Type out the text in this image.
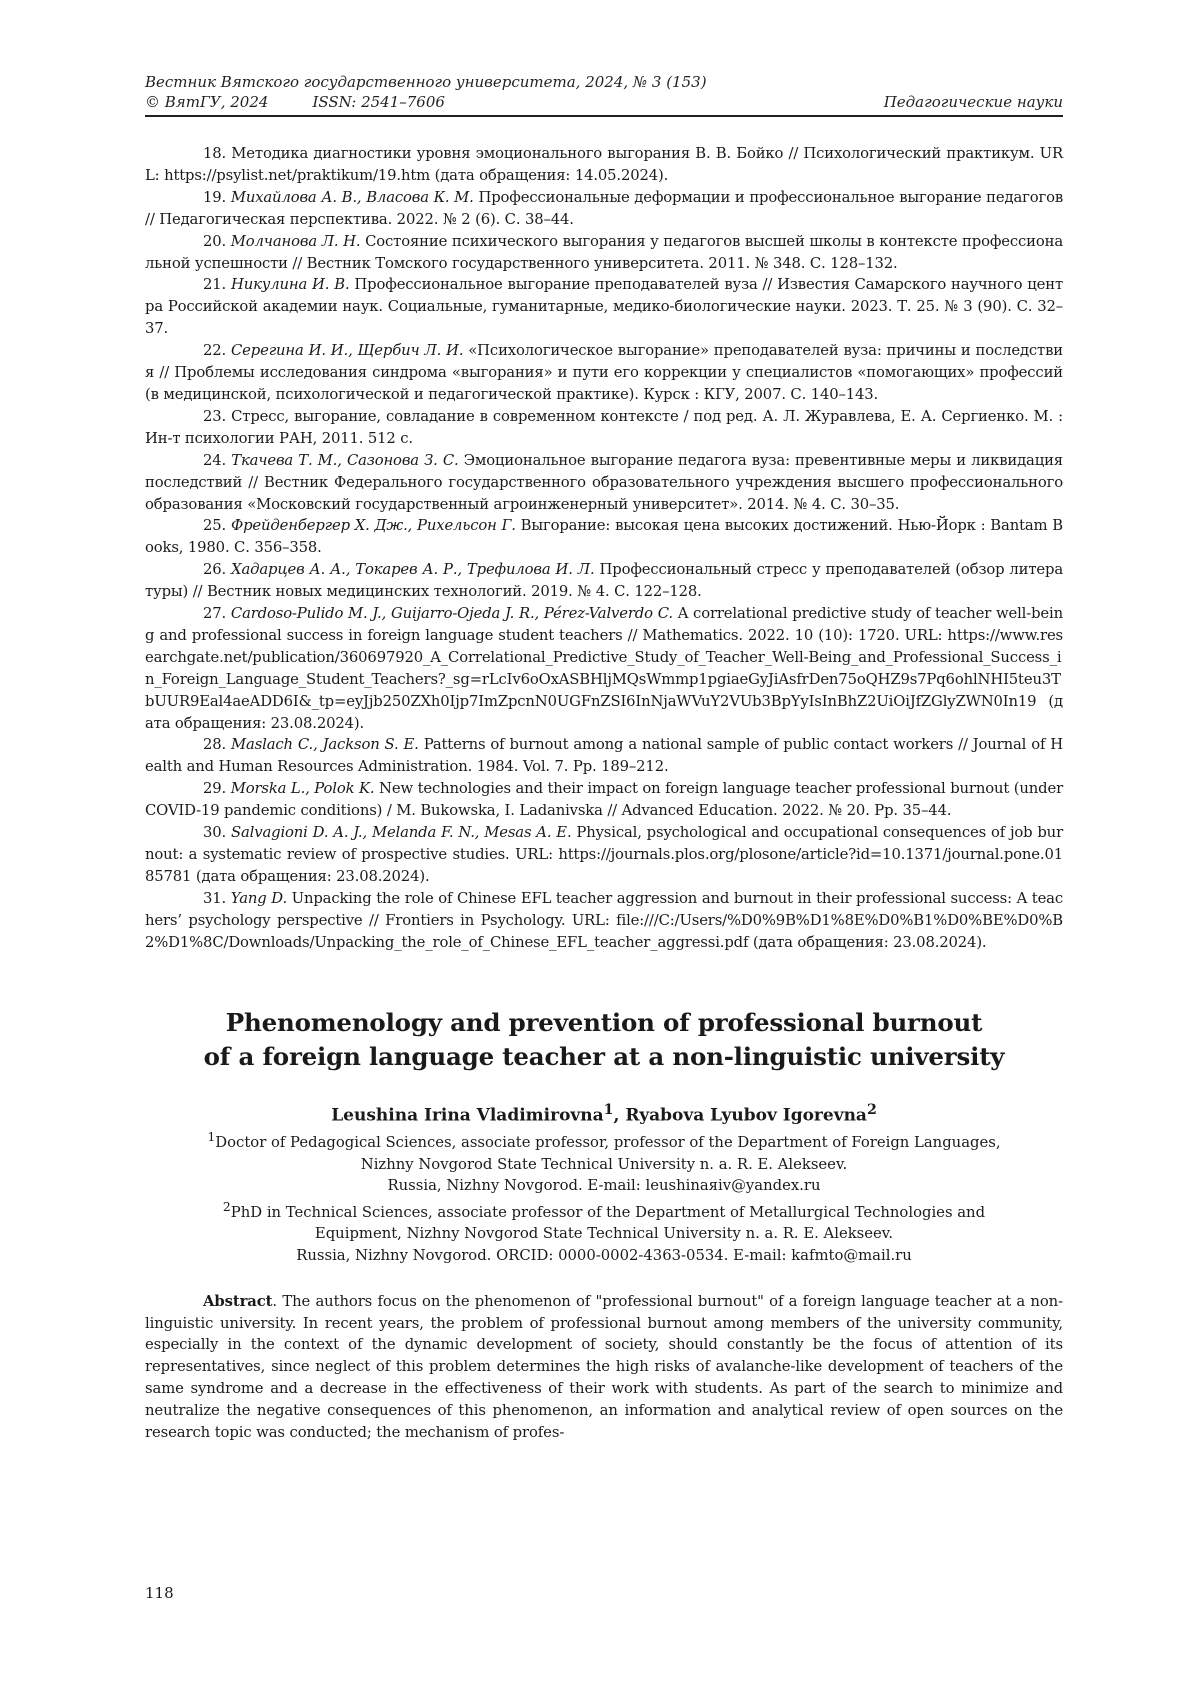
Вестник Вятского государственного университета, 2024, № 3 (153)
© ВятГУ, 2024	ISSN: 2541–7606	Педагогические науки

18. Методика диагностики уровня эмоционального выгорания В. В. Бойко // Психологический практикум. URL: https://psylist.net/praktikum/19.htm (дата обращения: 14.05.2024).

19. Михайлова А. В., Власова К. М. Профессиональные деформации и профессиональное выгорание педагогов // Педагогическая перспектива. 2022. № 2 (6). С. 38–44.

20. Молчанова Л. Н. Состояние психического выгорания у педагогов высшей школы в контексте профессиональной успешности // Вестник Томского государственного университета. 2011. № 348. С. 128–132.

21. Никулина И. В. Профессиональное выгорание преподавателей вуза // Известия Самарского научного центра Российской академии наук. Социальные, гуманитарные, медико-биологические науки. 2023. Т. 25. № 3 (90). С. 32–37.

22. Серегина И. И., Щербич Л. И. «Психологическое выгорание» преподавателей вуза: причины и последствия // Проблемы исследования синдрома «выгорания» и пути его коррекции у специалистов «помогающих» профессий (в медицинской, психологической и педагогической практике). Курск : КГУ, 2007. С. 140–143.

23. Стресс, выгорание, совладание в современном контексте / под ред. А. Л. Журавлева, Е. А. Сергиенко. М. : Ин-т психологии РАН, 2011. 512 с.

24. Ткачева Т. М., Сазонова З. С. Эмоциональное выгорание педагога вуза: превентивные меры и ликвидация последствий // Вестник Федерального государственного образовательного учреждения высшего профессионального образования «Московский государственный агроинженерный университет». 2014. № 4. С. 30–35.

25. Фрейденбергер Х. Дж., Рихельсон Г. Выгорание: высокая цена высоких достижений. Нью-Йорк : Bantam Books, 1980. С. 356–358.

26. Хадарцев А. А., Токарев А. Р., Трефилова И. Л. Профессиональный стресс у преподавателей (обзор литературы) // Вестник новых медицинских технологий. 2019. № 4. С. 122–128.

27. Cardoso-Pulido M. J., Guijarro-Ojeda J. R., Pérez-Valverdo C. A correlational predictive study of teacher well-being and professional success in foreign language student teachers // Mathematics. 2022. 10 (10): 1720. URL: https://www.researchgate.net/publication/360697920_A_Correlational_Predictive_Study_of_Teacher_Well-Being_and_Professional_Success_in_Foreign_Language_Student_Teachers?_sg=rLcIv6oOxASBHljMQsWmmp1pgiaeGyJiAsfrDen75oQHZ9s7Pq6ohlNHI5teu3TbUUR9Eal4aeADD6I&_tp=eyJjb250ZXh0Ijp7ImZpcnN0UGFnZSI6InNjaWVuY2VUb3BpYyIsInBhZ2UiOiJfZGlyZWN0In19 (дата обращения: 23.08.2024).

28. Maslach C., Jackson S. E. Patterns of burnout among a national sample of public contact workers // Journal of Health and Human Resources Administration. 1984. Vol. 7. Pp. 189–212.

29. Morska L., Polok K. New technologies and their impact on foreign language teacher professional burnout (under COVID-19 pandemic conditions) / M. Bukowska, I. Ladanivska // Advanced Education. 2022. № 20. Pp. 35–44.

30. Salvagioni D. A. J., Melanda F. N., Mesas A. E. Physical, psychological and occupational consequences of job burnout: a systematic review of prospective studies. URL: https://journals.plos.org/plosone/article?id=10.1371/journal.pone.0185781 (дата обращения: 23.08.2024).

31. Yang D. Unpacking the role of Chinese EFL teacher aggression and burnout in their professional success: A teachers’ psychology perspective // Frontiers in Psychology. URL: file:///C:/Users/%D0%9B%D1%8E%D0%B1%D0%BE%D0%B2%D1%8C/Downloads/Unpacking_the_role_of_Chinese_EFL_teacher_aggressi.pdf (дата обращения: 23.08.2024).

Phenomenology and prevention of professional burnout
of a foreign language teacher at a non-linguistic university
Leushina Irina Vladimirovna$^1$, Ryabova Lyubov Igorevna$^2$
$^1$Doctor of Pedagogical Sciences, associate professor, professor of the Department of Foreign Languages,
Nizhny Novgorod State Technical University n. a. R. E. Alekseev.
Russia, Nizhny Novgorod. E-mail: leushinaяiv@yandex.ru
$^2$PhD in Technical Sciences, associate professor of the Department of Metallurgical Technologies and
Equipment, Nizhny Novgorod State Technical University n. a. R. E. Alekseev.
Russia, Nizhny Novgorod. ORCID: 0000-0002-4363-0534. E-mail: kafmto@mail.ru
Abstract. The authors focus on the phenomenon of "professional burnout" of a foreign language teacher at a non-linguistic university. In recent years, the problem of professional burnout among members of the university community, especially in the context of the dynamic development of society, should constantly be the focus of attention of its representatives, since neglect of this problem determines the high risks of avalanche-like development of teachers of the same syndrome and a decrease in the effectiveness of their work with students. As part of the search to minimize and neutralize the negative consequences of this phenomenon, an information and analytical review of open sources on the research topic was conducted; the mechanism of profes-
118
